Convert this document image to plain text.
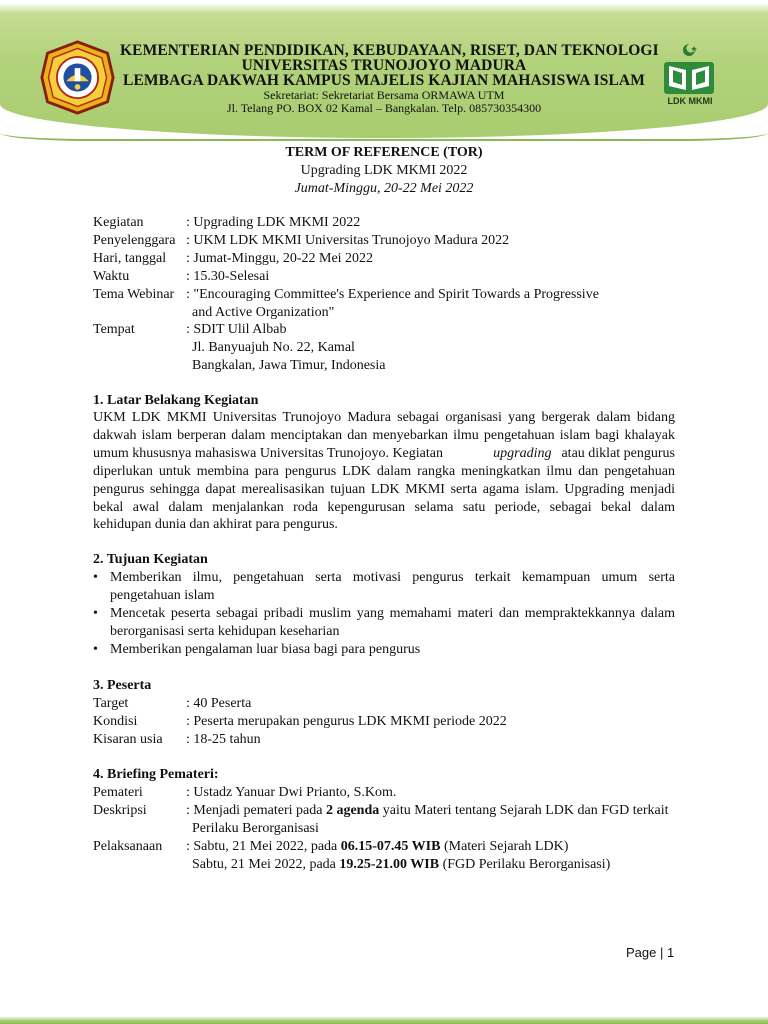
KEMENTERIAN PENDIDIKAN, KEBUDAYAAN, RISET, DAN TEKNOLOGI
UNIVERSITAS TRUNOJOYO MADURA
LEMBAGA DAKWAH KAMPUS MAJELIS KAJIAN MAHASISWA ISLAM
Sekretariat: Sekretariat Bersama ORMAWA UTM
Jl. Telang PO. BOX 02 Kamal – Bangkalan. Telp. 085730354300	LDK MKMI
TERM OF REFERENCE (TOR)
Upgrading LDK MKMI 2022
Jumat-Minggu, 20-22 Mei 2022
Kegiatan	: Upgrading LDK MKMI 2022
Penyelenggara : UKM LDK MKMI Universitas Trunojoyo Madura 2022
Hari, tanggal : Jumat-Minggu, 20-22 Mei 2022
Waktu	: 15.30-Selesai
Tema Webinar : "Encouraging Committee's Experience and Spirit Towards a Progressive
and Active Organization"
Tempat	: SDIT Ulil Albab
Jl. Banyuajuh No. 22, Kamal
Bangkalan, Jawa Timur, Indonesia
1. Latar Belakang Kegiatan
UKM LDK MKMI Universitas Trunojoyo Madura sebagai organisasi yang bergerak dalam bidang
dakwah islam berperan dalam menciptakan dan menyebarkan ilmu pengetahuan islam bagi khalayak
umum khususnya mahasiswa Universitas Trunojoyo. Kegiatan	upgrading atau diklat pengurus
diperlukan untuk membina para pengurus LDK dalam rangka meningkatkan ilmu dan pengetahuan
pengurus sehingga dapat merealisasikan tujuan LDK MKMI serta agama islam. Upgrading menjadi
bekal awal dalam menjalankan roda kepengurusan selama satu periode, sebagai bekal dalam
kehidupan dunia dan akhirat para pengurus.
2. Tujuan Kegiatan
• Memberikan ilmu, pengetahuan serta motivasi pengurus terkait kemampuan umum serta
pengetahuan islam
• Mencetak peserta sebagai pribadi muslim yang memahami materi dan mempraktekkannya dalam
berorganisasi serta kehidupan keseharian
• Memberikan pengalaman luar biasa bagi para pengurus
3. Peserta
Target	: 40 Peserta
Kondisi	: Peserta merupakan pengurus LDK MKMI periode 2022
Kisaran usia : 18-25 tahun
4. Briefing Pemateri:
Pemateri	: Ustadz Yanuar Dwi Prianto, S.Kom.
Deskripsi	: Menjadi pemateri pada 2 agenda yaitu Materi tentang Sejarah LDK dan FGD terkait
Perilaku Berorganisasi
Pelaksanaan : Sabtu, 21 Mei 2022, pada 06.15-07.45 WIB (Materi Sejarah LDK)
Sabtu, 21 Mei 2022, pada 19.25-21.00 WIB (FGD Perilaku Berorganisasi)
Page | 1
